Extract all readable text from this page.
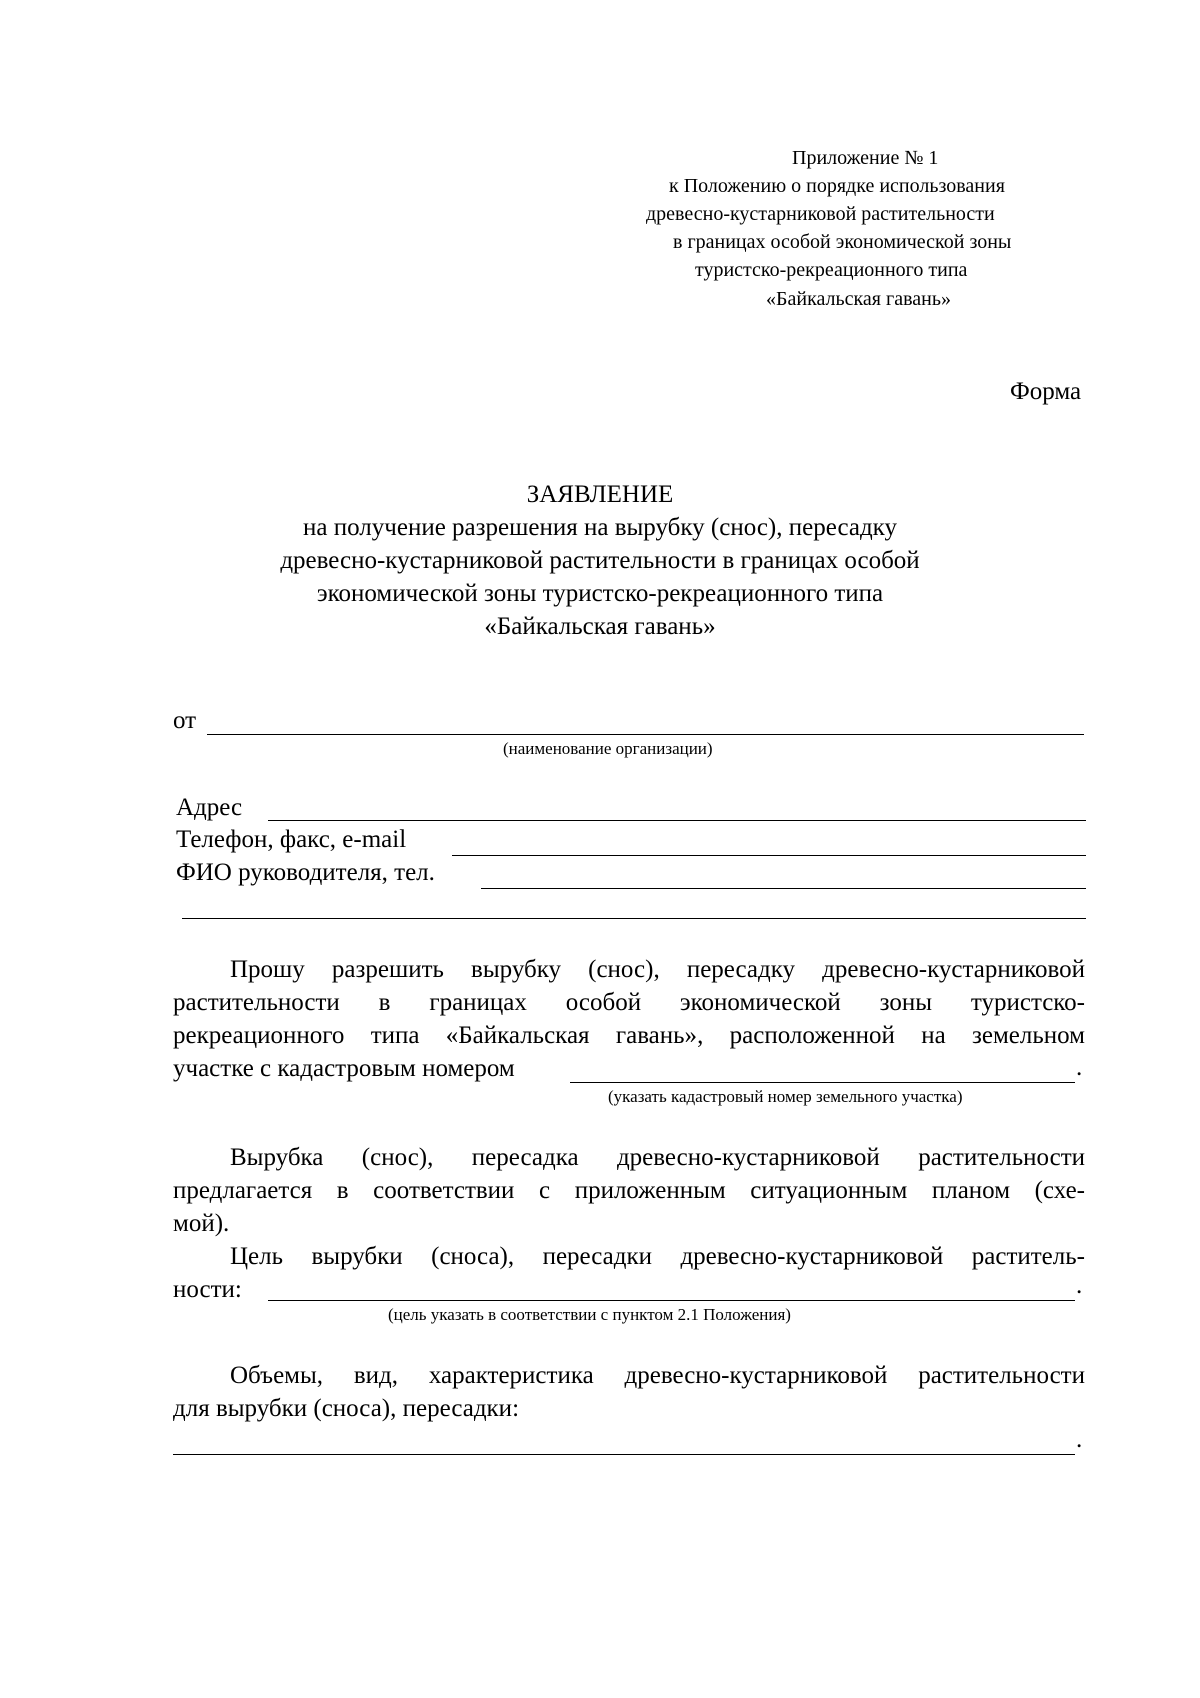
Приложение № 1
к Положению о порядке использования
древесно-кустарниковой растительности
в границах особой экономической зоны
туристско-рекреационного типа
«Байкальская гавань»
Форма
ЗАЯВЛЕНИЕ
на получение разрешения на вырубку (снос), пересадку
древесно-кустарниковой растительности в границах особой
экономической зоны туристско-рекреационного типа
«Байкальская гавань»
от
(наименование организации)
Адрес
Телефон, факс, e-mail
ФИО руководителя, тел.
Прошу разрешить вырубку (снос), пересадку древесно-кустарниковой
растительности в границах особой экономической зоны туристско-
рекреационного типа «Байкальская гавань», расположенной на земельном
участке с кадастровым номером	.
(указать кадастровый номер земельного участка)
Вырубка (снос), пересадка древесно-кустарниковой растительности
предлагается в соответствии с приложенным ситуационным планом (схе-
мой).
Цель вырубки (сноса), пересадки древесно-кустарниковой раститель-
ности:	.
(цель указать в соответствии с пунктом 2.1 Положения)
Объемы, вид, характеристика древесно-кустарниковой растительности
для вырубки (сноса), пересадки:
.
